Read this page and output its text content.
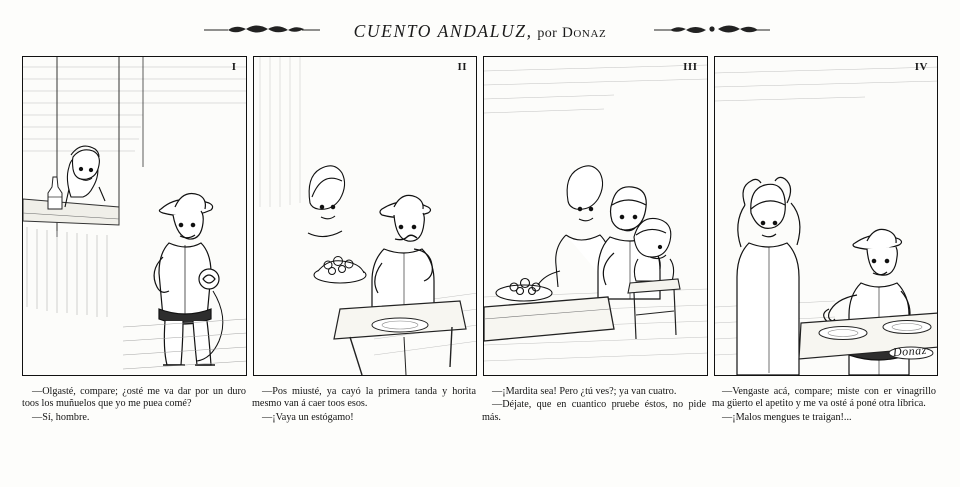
CUENTO ANDALUZ, por Donaz
I	II	III	IV
Donaz

—Olgasté, compare; ¿osté me va dar por un duro toos los muñuelos que yo me puea comé?

—Sí, hombre.

—Pos miusté, ya cayó la primera tanda y horita mesmo van á caer toos esos.

—¡Vaya un estógamo!

—¡Mardita sea! Pero ¿tú ves?; ya van cuatro.

—Déjate, que en cuantico pruebe éstos, no pide más.

—Vengaste acá, compare; miste con er vinagrillo ma güerto el apetito y me va osté á poné otra líbrica.

—¡Malos mengues te traigan!...
